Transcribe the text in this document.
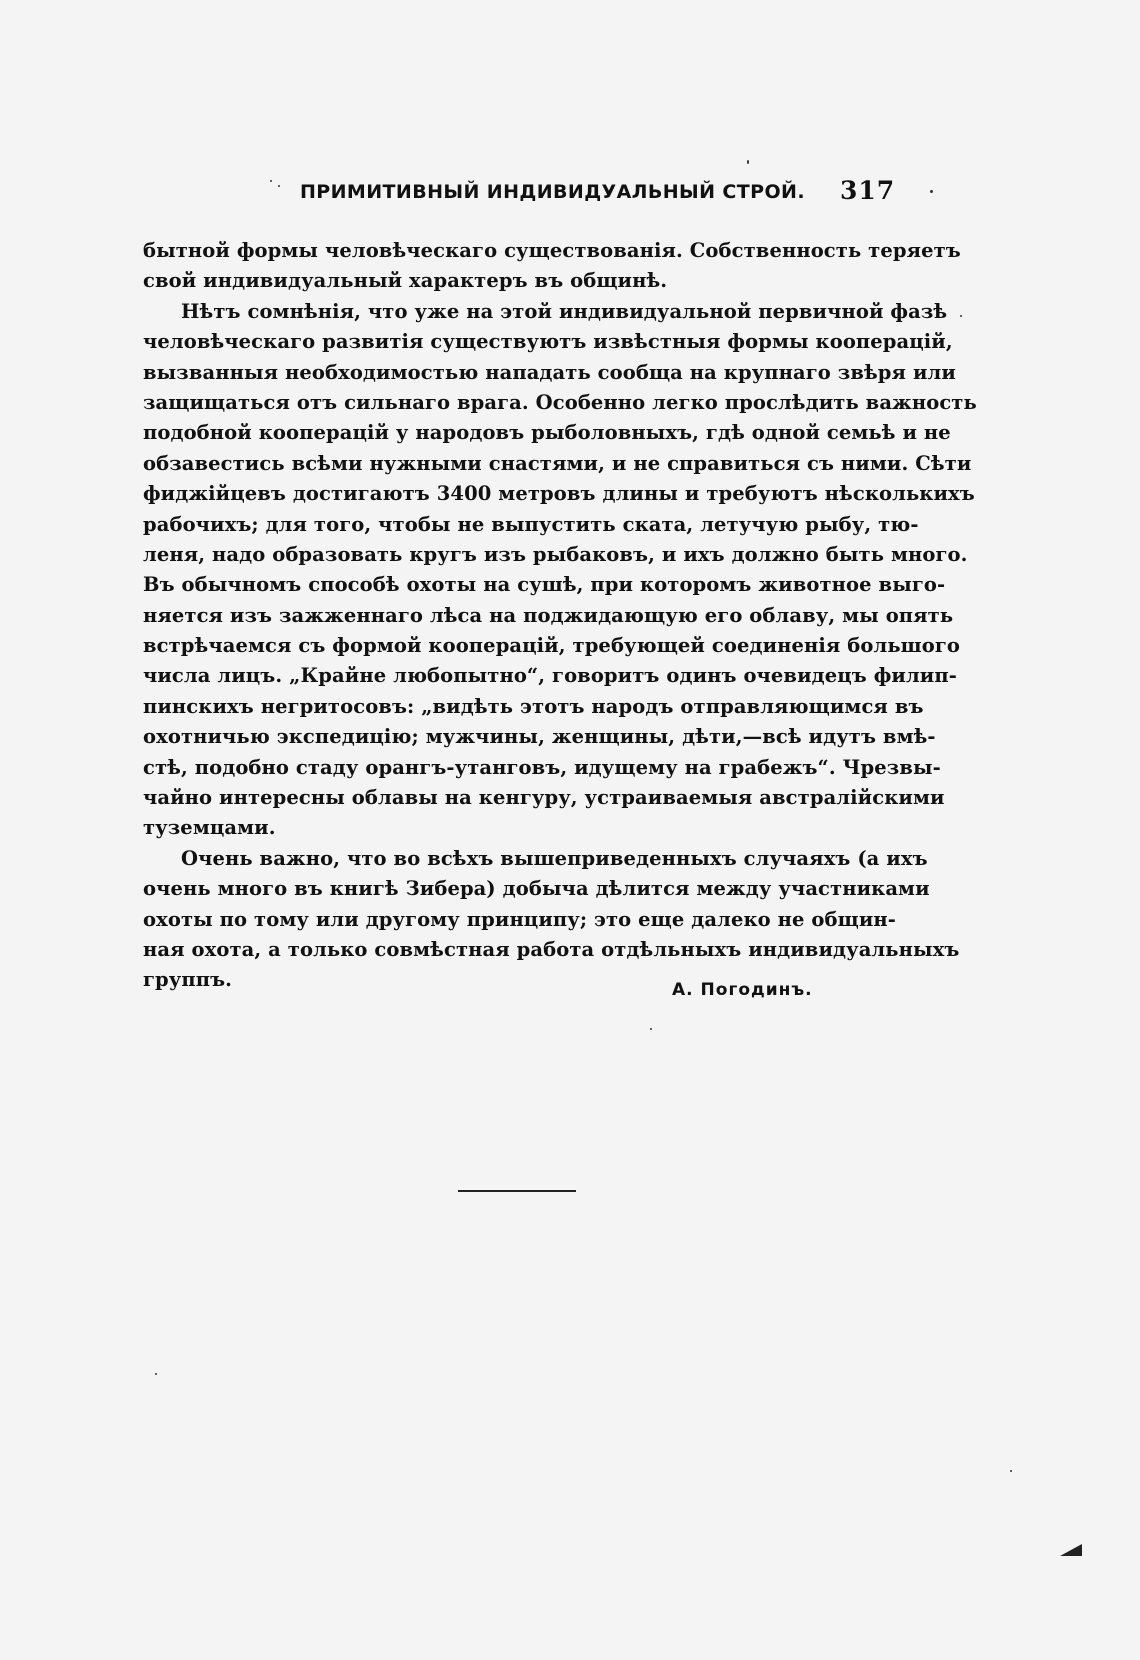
ПРИМИТИВНЫЙ ИНДИВИДУАЛЬНЫЙ СТРОЙ. 317
бытной формы человѣческаго существованія. Собственность теряетъ
свой индивидуальный характеръ въ общинѣ.
Нѣтъ сомнѣнія, что уже на этой индивидуальной первичной фазѣ
человѣческаго развитія существуютъ извѣстныя формы кооперацій,
вызванныя необходимостью нападать сообща на крупнаго звѣря или
защищаться отъ сильнаго врага. Особенно легко прослѣдить важность
подобной кооперацій у народовъ рыболовныхъ, гдѣ одной семьѣ и не
обзавестись всѣми нужными снастями, и не справиться съ ними. Сѣти
фиджійцевъ достигаютъ 3400 метровъ длины и требуютъ нѣсколькихъ
рабочихъ; для того, чтобы не выпустить ската, летучую рыбу, тю-
леня, надо образовать кругъ изъ рыбаковъ, и ихъ должно быть много.
Въ обычномъ способѣ охоты на сушѣ, при которомъ животное выго-
няется изъ зажженнаго лѣса на поджидающую его облаву, мы опять
встрѣчаемся съ формой кооперацій, требующей соединенія большого
числа лицъ. „Крайне любопытно“, говоритъ одинъ очевидецъ филип-
пинскихъ негритосовъ: „видѣть этотъ народъ отправляющимся въ
охотничью экспедицію; мужчины, женщины, дѣти,—всѣ идутъ вмѣ-
стѣ, подобно стаду орангъ-утанговъ, идущему на грабежъ“. Чрезвы-
чайно интересны облавы на кенгуру, устраиваемыя австралійскими
туземцами.
Очень важно, что во всѣхъ вышеприведенныхъ случаяхъ (а ихъ
очень много въ книгѣ Зибера) добыча дѣлится между участниками
охоты по тому или другому принципу; это еще далеко не общин-
ная охота, а только совмѣстная работа отдѣльныхъ индивидуальныхъ
группъ.	А. Погодинъ.
